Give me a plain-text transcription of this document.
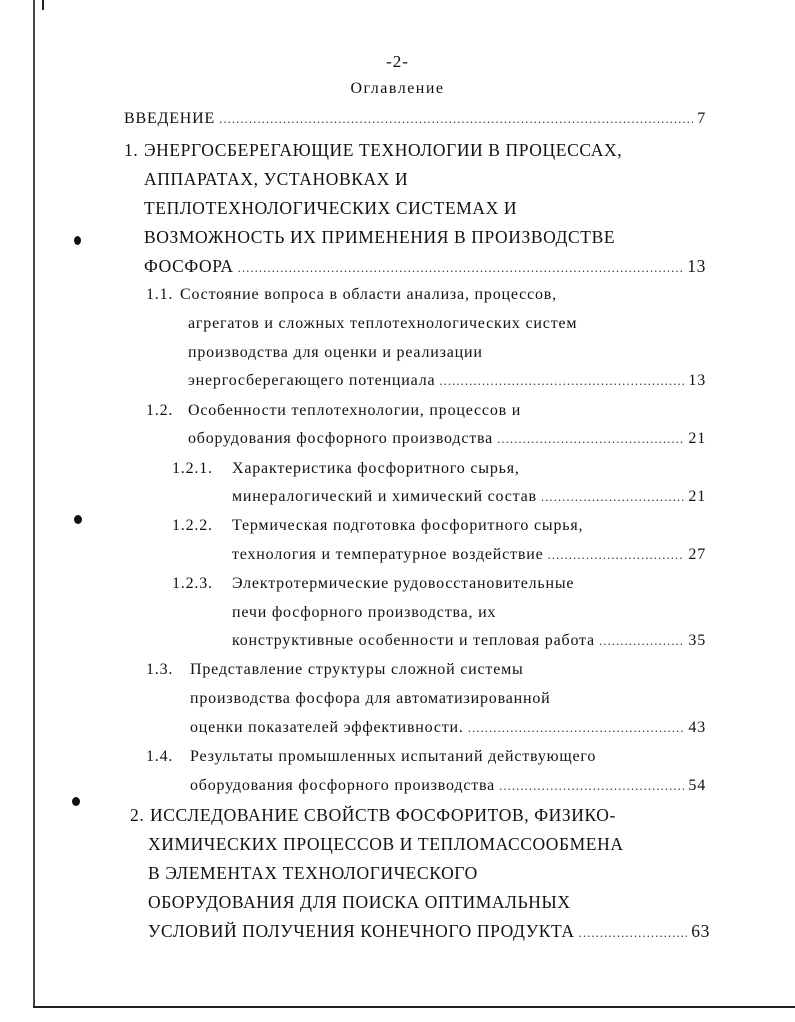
-2-
Оглавление
ВВЕДЕНИЕ .....	7
1. ЭНЕРГОСБЕРЕГАЮЩИЕ ТЕХНОЛОГИИ В ПРОЦЕССАХ,
АППАРАТАХ, УСТАНОВКАХ И
ТЕПЛОТЕХНОЛОГИЧЕСКИХ СИСТЕМАХ И
ВОЗМОЖНОСТЬ ИХ ПРИМЕНЕНИЯ В ПРОИЗВОДСТВЕ
ФОСФОРА .....	13
1.1. Состояние вопроса в области анализа, процессов,
агрегатов и сложных теплотехнологических систем
производства для оценки и реализации
энергосберегающего потенциала .....	13
1.2. Особенности теплотехнологии, процессов и
оборудования фосфорного производства .....	21
1.2.1.	Характеристика фосфоритного сырья,
минералогический и химический состав .....	21
1.2.2.	Термическая подготовка фосфоритного сырья,
технология и температурное воздействие .....	27
1.2.3.	Электротермические рудовосстановительные
печи фосфорного производства, их
конструктивные особенности и тепловая работа .....	35
1.3.	Представление структуры сложной системы
производства фосфора для автоматизированной
оценки показателей эффективности. .....	43
1.4.	Результаты промышленных испытаний действующего
оборудования фосфорного производства .....	54
2. ИССЛЕДОВАНИЕ СВОЙСТВ ФОСФОРИТОВ, ФИЗИКО-
ХИМИЧЕСКИХ ПРОЦЕССОВ И ТЕПЛОМАССООБМЕНА
В ЭЛЕМЕНТАХ ТЕХНОЛОГИЧЕСКОГО
ОБОРУДОВАНИЯ ДЛЯ ПОИСКА ОПТИМАЛЬНЫХ
УСЛОВИЙ ПОЛУЧЕНИЯ КОНЕЧНОГО ПРОДУКТА .....	63
